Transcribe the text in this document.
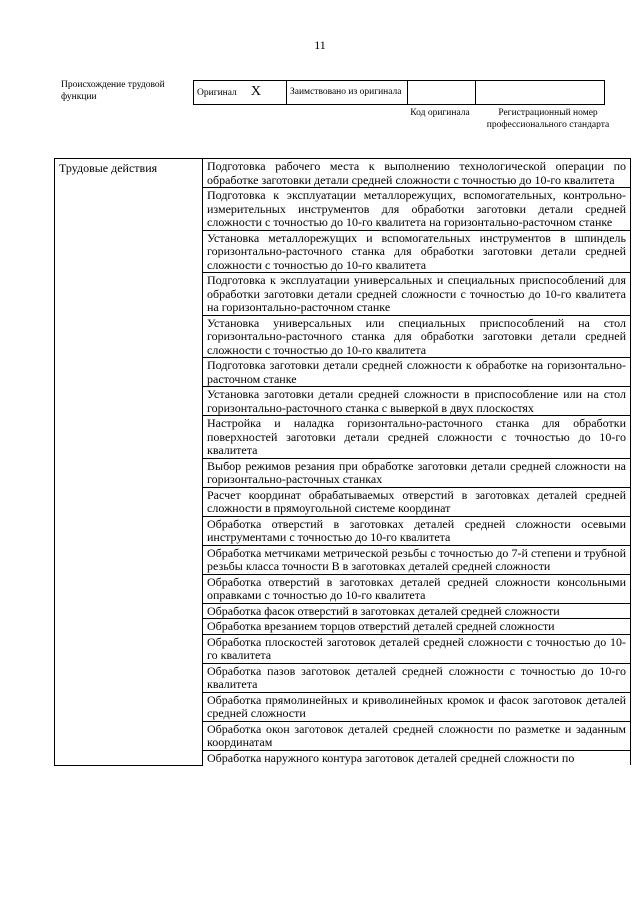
11
Происхождение трудовой функции	Оригинал X	Заимствовано из оригинала		
Код оригинала	Регистрационный номер профессионального стандарта
Трудовые действия	Подготовка рабочего места к выполнению технологической операции по обработке заготовки детали средней сложности с точностью до 10-го квалитета
Подготовка к эксплуатации металлорежущих, вспомогательных, контрольно-измерительных инструментов для обработки заготовки детали средней сложности с точностью до 10-го квалитета на горизонтально-расточном станке
Установка металлорежущих и вспомогательных инструментов в шпиндель горизонтально-расточного станка для обработки заготовки детали средней сложности с точностью до 10-го квалитета
Подготовка к эксплуатации универсальных и специальных приспособлений для обработки заготовки детали средней сложности с точностью до 10-го квалитета на горизонтально-расточном станке
Установка универсальных или специальных приспособлений на стол горизонтально-расточного станка для обработки заготовки детали средней сложности с точностью до 10-го квалитета
Подготовка заготовки детали средней сложности к обработке на горизонтально-расточном станке
Установка заготовки детали средней сложности в приспособление или на стол горизонтально-расточного станка с выверкой в двух плоскостях
Настройка и наладка горизонтально-расточного станка для обработки поверхностей заготовки детали средней сложности с точностью до 10-го квалитета
Выбор режимов резания при обработке заготовки детали средней сложности на горизонтально-расточных станках
Расчет координат обрабатываемых отверстий в заготовках деталей средней сложности в прямоугольной системе координат
Обработка отверстий в заготовках деталей средней сложности осевыми инструментами с точностью до 10-го квалитета
Обработка метчиками метрической резьбы с точностью до 7-й степени и трубной резьбы класса точности В в заготовках деталей средней сложности
Обработка отверстий в заготовках деталей средней сложности консольными оправками с точностью до 10-го квалитета
Обработка фасок отверстий в заготовках деталей средней сложности
Обработка врезанием торцов отверстий деталей средней сложности
Обработка плоскостей заготовок деталей средней сложности с точностью до 10-го квалитета
Обработка пазов заготовок деталей средней сложности с точностью до 10-го квалитета
Обработка прямолинейных и криволинейных кромок и фасок заготовок деталей средней сложности
Обработка окон заготовок деталей средней сложности по разметке и заданным координатам
Обработка наружного контура заготовок деталей средней сложности по
